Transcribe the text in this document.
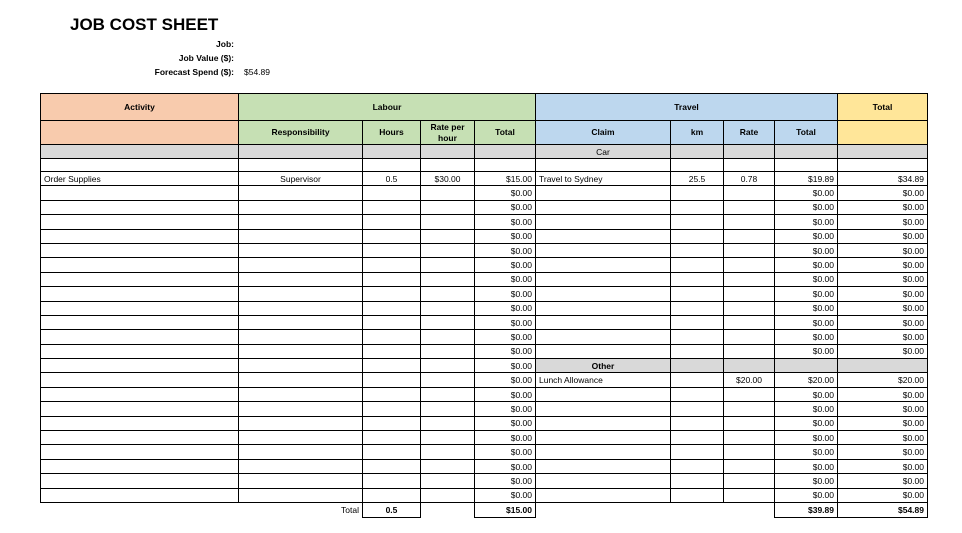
JOB COST SHEET
Job:
Job Value ($):
Forecast Spend ($): $54.89
Activity	Labour				Travel				Total
	Responsibility	Hours	Rate per hour	Total	Claim	km	Rate	Total	
					Car				

Order Supplies	Supervisor	0.5	$30.00	$15.00	Travel to Sydney	25.5	0.78	$19.89	$34.89
				$0.00				$0.00	$0.00
				$0.00				$0.00	$0.00
				$0.00				$0.00	$0.00
				$0.00				$0.00	$0.00
				$0.00				$0.00	$0.00
				$0.00				$0.00	$0.00
				$0.00				$0.00	$0.00
				$0.00				$0.00	$0.00
				$0.00				$0.00	$0.00
				$0.00				$0.00	$0.00
				$0.00				$0.00	$0.00
				$0.00				$0.00	$0.00
				$0.00	Other				
				$0.00	Lunch Allowance		$20.00	$20.00	$20.00
				$0.00				$0.00	$0.00
				$0.00				$0.00	$0.00
				$0.00				$0.00	$0.00
				$0.00				$0.00	$0.00
				$0.00				$0.00	$0.00
				$0.00				$0.00	$0.00
				$0.00				$0.00	$0.00
				$0.00				$0.00	$0.00
	Total	0.5		$15.00				$39.89	$54.89
